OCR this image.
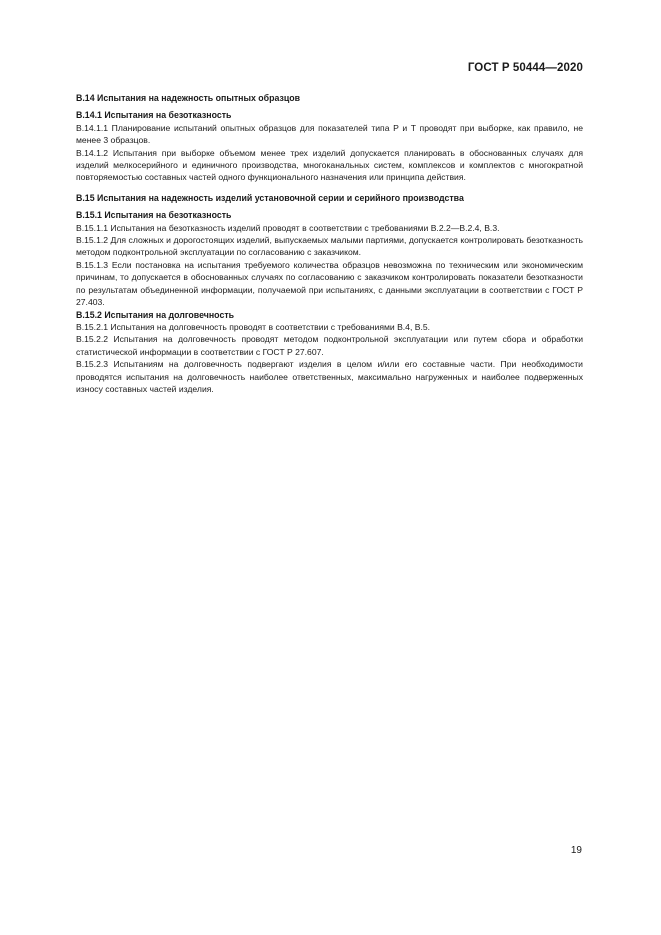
ГОСТ Р 50444—2020
В.14 Испытания на надежность опытных образцов
В.14.1 Испытания на безотказность

В.14.1.1 Планирование испытаний опытных образцов для показателей типа P и T проводят при выборке, как правило, не менее 3 образцов.

В.14.1.2 Испытания при выборке объемом менее трех изделий допускается планировать в обоснованных случаях для изделий мелкосерийного и единичного производства, многоканальных систем, комплексов и комплектов с многократной повторяемостью составных частей одного функционального назначения или принципа действия.

В.15 Испытания на надежность изделий установочной серии и серийного производства
В.15.1 Испытания на безотказность

В.15.1.1 Испытания на безотказность изделий проводят в соответствии с требованиями В.2.2—В.2.4, В.3.

В.15.1.2 Для сложных и дорогостоящих изделий, выпускаемых малыми партиями, допускается контролировать безотказность методом подконтрольной эксплуатации по согласованию с заказчиком.

В.15.1.3 Если постановка на испытания требуемого количества образцов невозможна по техническим или экономическим причинам, то допускается в обоснованных случаях по согласованию с заказчиком контролировать показатели безотказности по результатам объединенной информации, получаемой при испытаниях, с данными эксплуатации в соответствии с ГОСТ Р 27.403.

В.15.2 Испытания на долговечность

В.15.2.1 Испытания на долговечность проводят в соответствии с требованиями В.4, В.5.

В.15.2.2 Испытания на долговечность проводят методом подконтрольной эксплуатации или путем сбора и обработки статистической информации в соответствии с ГОСТ Р 27.607.

В.15.2.3 Испытаниям на долговечность подвергают изделия в целом и/или его составные части. При необходимости проводятся испытания на долговечность наиболее ответственных, максимально нагруженных и наиболее подверженных износу составных частей изделия.

19
